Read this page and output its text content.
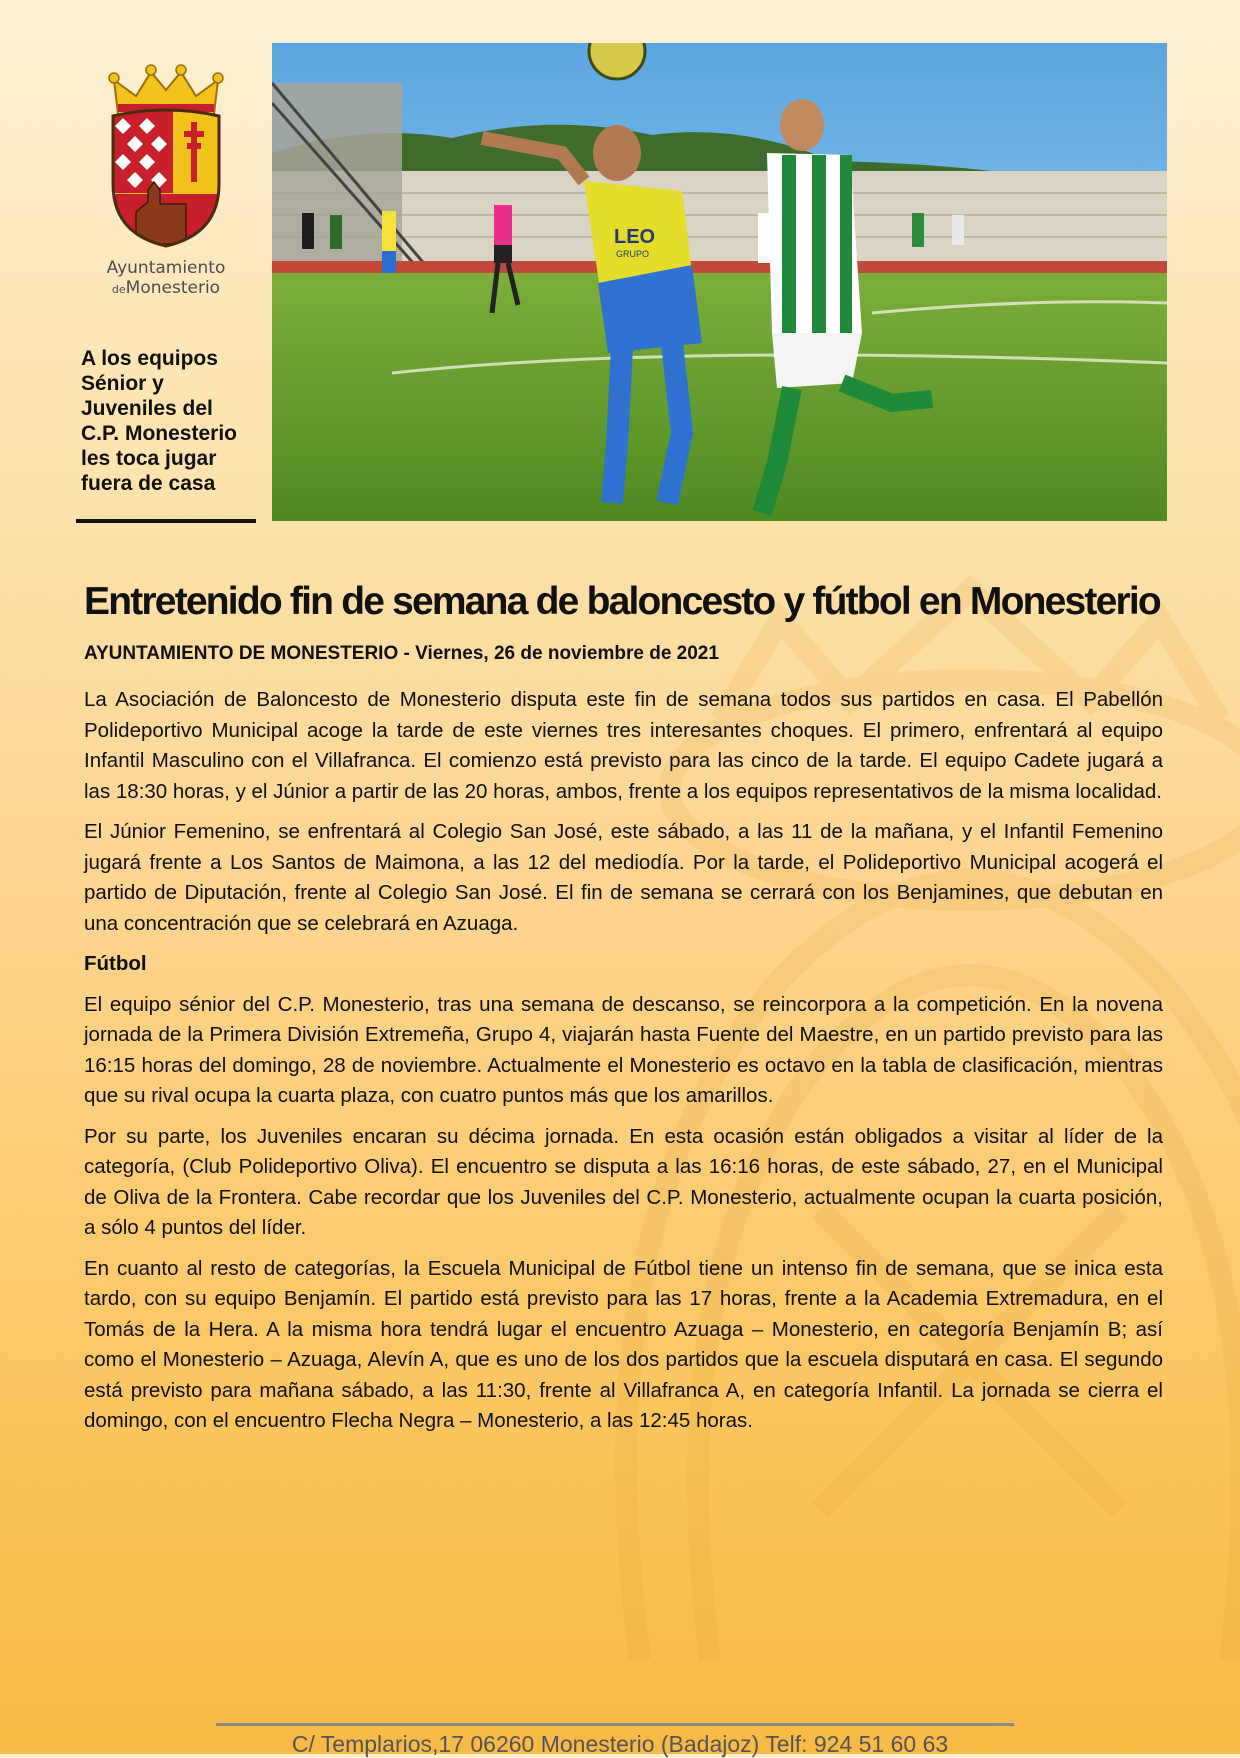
Ayuntamiento
deMonesterio
A los equipos Sénior y Juveniles del C.P. Monesterio les toca jugar fuera de casa
LEO
GRUPO
Entretenido fin de semana de baloncesto y fútbol en Monesterio
AYUNTAMIENTO DE MONESTERIO - Viernes, 26 de noviembre de 2021

La Asociación de Baloncesto de Monesterio disputa este fin de semana todos sus partidos en casa. El Pabellón Polideportivo Municipal acoge la tarde de este viernes tres interesantes choques. El primero, enfrentará al equipo Infantil Masculino con el Villafranca. El comienzo está previsto para las cinco de la tarde. El equipo Cadete jugará a las 18:30 horas, y el Júnior a partir de las 20 horas, ambos, frente a los equipos representativos de la misma localidad.

El Júnior Femenino, se enfrentará al Colegio San José, este sábado, a las 11 de la mañana, y el Infantil Femenino jugará frente a Los Santos de Maimona, a las 12 del mediodía. Por la tarde, el Polideportivo Municipal acogerá el partido de Diputación, frente al Colegio San José. El fin de semana se cerrará con los Benjamines, que debutan en una concentración que se celebrará en Azuaga.

Fútbol

El equipo sénior del C.P. Monesterio, tras una semana de descanso, se reincorpora a la competición. En la novena jornada de la Primera División Extremeña, Grupo 4, viajarán hasta Fuente del Maestre, en un partido previsto para las 16:15 horas del domingo, 28 de noviembre. Actualmente el Monesterio es octavo en la tabla de clasificación, mientras que su rival ocupa la cuarta plaza, con cuatro puntos más que los amarillos.

Por su parte, los Juveniles encaran su décima jornada. En esta ocasión están obligados a visitar al líder de la categoría, (Club Polideportivo Oliva). El encuentro se disputa a las 16:16 horas, de este sábado, 27, en el Municipal de Oliva de la Frontera. Cabe recordar que los Juveniles del C.P. Monesterio, actualmente ocupan la cuarta posición, a sólo 4 puntos del líder.

En cuanto al resto de categorías, la Escuela Municipal de Fútbol tiene un intenso fin de semana, que se inica esta tardo, con su equipo Benjamín. El partido está previsto para las 17 horas, frente a la Academia Extremadura, en el Tomás de la Hera. A la misma hora tendrá lugar el encuentro Azuaga – Monesterio, en categoría Benjamín B; así como el Monesterio – Azuaga, Alevín A, que es uno de los dos partidos que la escuela disputará en casa. El segundo está previsto para mañana sábado, a las 11:30, frente al Villafranca A, en categoría Infantil. La jornada se cierra el domingo, con el encuentro Flecha Negra – Monesterio, a las 12:45 horas.

C/ Templarios,17 06260 Monesterio (Badajoz) Telf: 924 51 60 63
